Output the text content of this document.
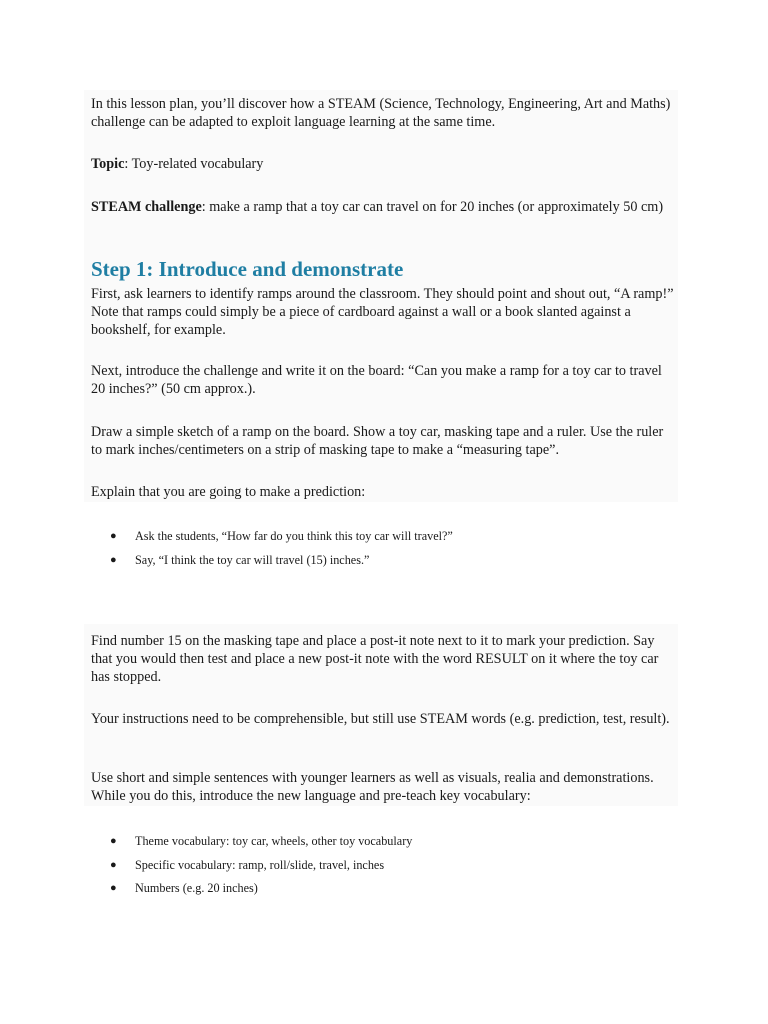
In this lesson plan, you’ll discover how a STEAM (Science, Technology, Engineering, Art and Maths) challenge can be adapted to exploit language learning at the same time.

Topic: Toy-related vocabulary

STEAM challenge: make a ramp that a toy car can travel on for 20 inches (or approximately 50 cm)

Step 1: Introduce and demonstrate

First, ask learners to identify ramps around the classroom. They should point and shout out, “A ramp!” Note that ramps could simply be a piece of cardboard against a wall or a book slanted against a bookshelf, for example.

Next, introduce the challenge and write it on the board: “Can you make a ramp for a toy car to travel 20 inches?” (50 cm approx.).

Draw a simple sketch of a ramp on the board. Show a toy car, masking tape and a ruler. Use the ruler to mark inches/centimeters on a strip of masking tape to make a “measuring tape”.

Explain that you are going to make a prediction:

● Ask the students, “How far do you think this toy car will travel?”
● Say, “I think the toy car will travel (15) inches.”

Find number 15 on the masking tape and place a post-it note next to it to mark your prediction. Say that you would then test and place a new post-it note with the word RESULT on it where the toy car has stopped.

Your instructions need to be comprehensible, but still use STEAM words (e.g. prediction, test, result).

Use short and simple sentences with younger learners as well as visuals, realia and demonstrations. While you do this, introduce the new language and pre-teach key vocabulary:

● Theme vocabulary: toy car, wheels, other toy vocabulary
● Specific vocabulary: ramp, roll/slide, travel, inches
● Numbers (e.g. 20 inches)
